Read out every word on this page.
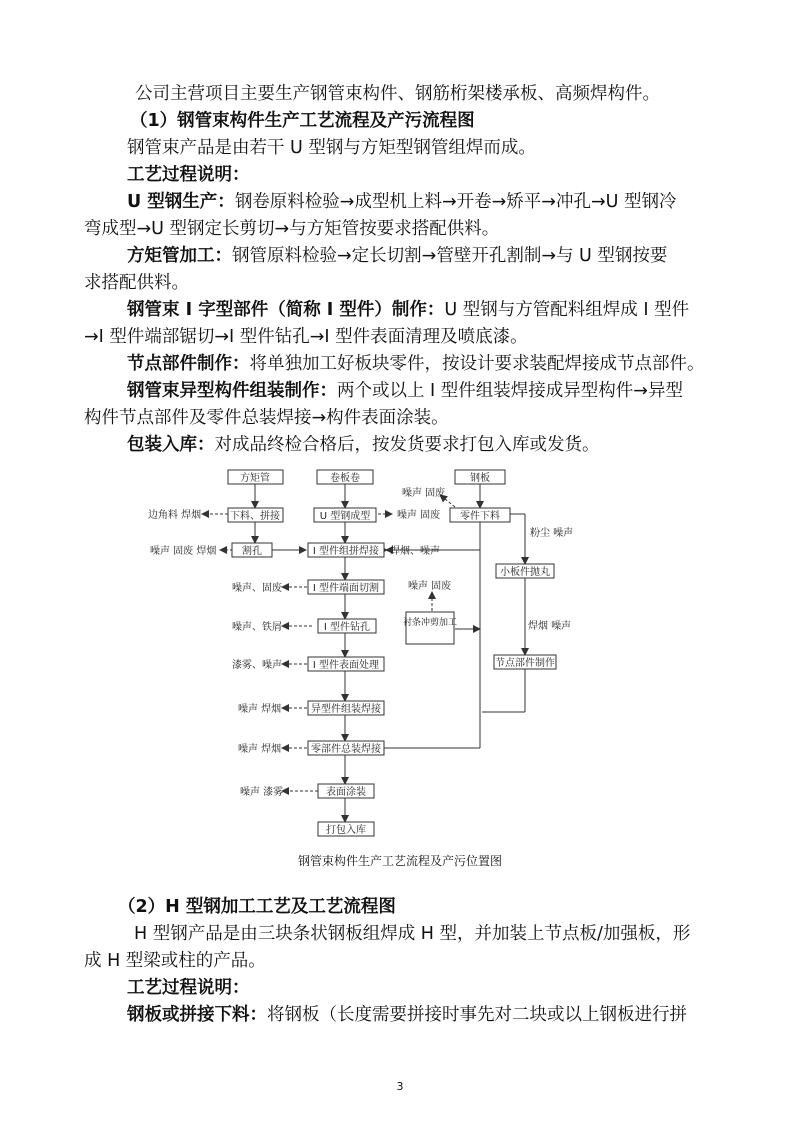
公司主营项目主要生产钢管束构件、钢筋桁架楼承板、高频焊构件。

（1）钢管束构件生产工艺流程及产污流程图

钢管束产品是由若干 U 型钢与方矩型钢管组焊而成。

工艺过程说明：

U 型钢生产：钢卷原料检验→成型机上料→开卷→矫平→冲孔→U 型钢冷

弯成型→U 型钢定长剪切→与方矩管按要求搭配供料。

方矩管加工：钢管原料检验→定长切割→管壁开孔割制→与 U 型钢按要

求搭配供料。

钢管束 I 字型部件（简称 I 型件）制作：U 型钢与方管配料组焊成 I 型件

→I 型件端部锯切→I 型件钻孔→I 型件表面清理及喷底漆。

节点部件制作：将单独加工好板块零件，按设计要求装配焊接成节点部件。

钢管束异型构件组装制作：两个或以上 I 型件组装焊接成异型构件→异型

构件节点部件及零件总装焊接→构件表面涂装。

包装入库：对成品终检合格后，按发货要求打包入库或发货。

方矩管	卷板卷	钢板
下料、拼接	U 型钢成型	零件下料
割孔	I 型件组拼焊接
I 型件端面切割
小板件抛丸
衬条冲剪加工
I 型件钻孔
节点部件制作
I 型件表面处理
异型件组装焊接
零部件总装焊接
表面涂装
打包入库
边角料 焊烟	噪声 固废
噪声 固废
噪声 固废 焊烟	焊烟、噪声
粉尘 噪声
噪声、固废	噪声 固废
噪声、铁屑	焊烟 噪声
漆雾、噪声
噪声 焊烟
噪声 焊烟
噪声 漆雾
钢管束构件生产工艺流程及产污位置图

（2）H 型钢加工工艺及工艺流程图

H 型钢产品是由三块条状钢板组焊成 H 型，并加装上节点板/加强板，形

成 H 型梁或柱的产品。

工艺过程说明：

钢板或拼接下料：将钢板（长度需要拼接时事先对二块或以上钢板进行拼

3
